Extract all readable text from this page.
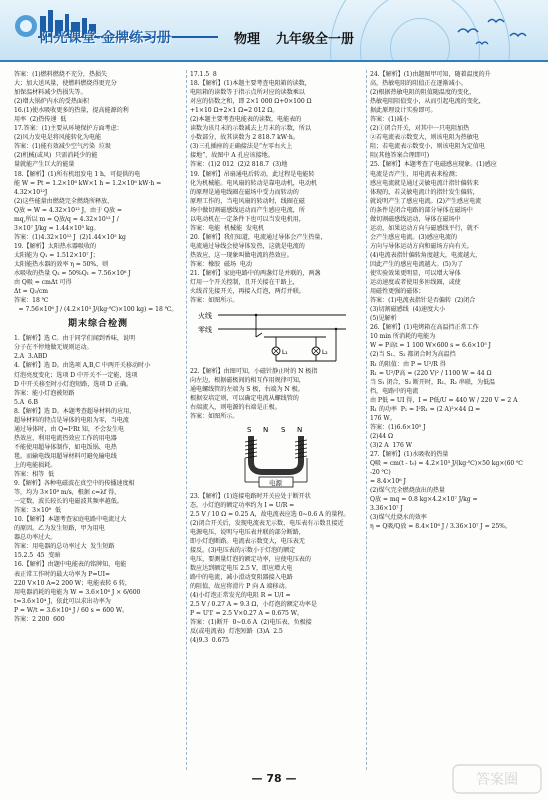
阳光课堂·金牌练习册	物理 九年级全一册
答案：(1)燃料燃烧不充分，热损失
大；加大送风量，使燃料燃烧得更充分
加保温材料减少热损失等。
(2)增大锅炉内水的受热面积
16.(1)使水吸收更多的热量，提高能源的利
用率  (2)热传递  低
17.答案：(1)主要从环境保护方面考虑：
(2)风力发电是将风能转化为电能
答案：(1)能有效减少空气污染  垃圾
(2)机械(或风)  只需消耗少的能
量就能产生巨大的能量
18.【解析】(1)所有机组发电 1 h，可提供的电
能 W = Pt = 1.2×10⁶ kW×1 h = 1.2×10⁶ kW·h =
4.32×10¹²J
(2)这些能量由燃烧完全燃烧所释放，
Q放 = W = 4.32×10¹² J，由于 Q放 =
mq,所以 m = Q放/q = 4.32×10¹² J /
3×10⁷ J/kg ≈ 1.44×10⁵ kg。
答案：(1)4.32×10¹² J  (2)1.44×10⁵ kg
19.【解析】太阳热水器吸收的
太阳能为 Q₁ = 1.512×10⁷ J；
太阳能热水器的效率 η = 50%，则
水吸收的热量 Q₂ = 50%Q₁ = 7.56×10⁶ J
由 Q吸 = cmΔt 可得
Δt = Q₂/cm
答案：18 ℃
= 7.56×10⁶ J / (4.2×10³ J/(kg·℃)×100 kg) = 18 ℃。
期末综合检测
1.【解析】选 C。由于同学们闻到香味，说明
分子在不停地做无规则运动。
2.A  3.ABD
4.【解析】选 D。由选项 A,B,C 中两开关移动时小
灯泡亮度变化；选项 D 中开关不一定能，选项
D 中开关移至时小灯泡短路，选项 D 正确。
答案：能小灯泡被短路
5.A  6.B
8.【解析】选 D。本题考查超导材料的应用，
超导材料的特点是导体的电阻为零，当电流
通过导体时，由 Q=I²Rt 知，不会发生电
热效应，利用电流热效应工作的用电器
不能使用超导体制作，如电饭锅、电热
毯。而输电线用超导材料可避免输电线
上的电能损耗。
答案：相等  低
9.【解析】各种电磁波在真空中的传播速度相
等，均为 3×10⁸ m/s，根据 c=λf 得，
一定数，波长较长的电磁波其频率越低。
答案：3×10⁸  低
10.【解析】本题考查家庭电路中电流过大
的原因。乙为发生短路，甲为用电
器总功率过大。
答案：用电器的总功率过大  发生短路
15.2.5  45  变暗
16.【解析】由题中电能表的铭牌知，电能
表正常工作时的最大功率为 P=UI=
220 V×10 A=2 200 W；电能表转 6 转，
用电器消耗的电能为 W = 3.6×10⁶ J × 6/600
t=3.6×10⁴ J，依此可以求出功率为
P = W/t = 3.6×10⁴ J / 60 s = 600 W。
答案：2 200  600
17.1.5  8
18.【解析】(1)本题主要考查电阻箱的读数，
电阻箱的读数等于指示点所对应的读数乘以
对应的倍数之和，即 2×1 000 Ω+0×100 Ω
+1×10 Ω+2×1 Ω=2 012 Ω。
(2)本题主要考查电能表的读数，电能表的
读数为该月末的示数减去上月末的示数，所以
小数部分，故其读数为 2 818.7 kW·h。
(3)三孔插座的正确接法是“左零右火上
接地”，故图中 A 孔应该接地。
答案：(1)2 012  (2)2 818.7  (3)地
19.【解析】吊扇通电后转动，此过程是电能转
化为机械能。电风扇的转动是靠电动机，电动机
的原理是通电线圈在磁场中受力而转动的
原理工作的，当电风扇的转动时，线圈在磁
场中做切割磁感线运动而产生感应电流，所
以电动机在一定条件下也可以当发电机用，
答案：电能  机械能  发电机
20.【解析】我们知道，电流通过导体会产生热量，
电流通过导线会使导体发热，这就是电流的
热效应，这一现象叫做电流的热效应。
答案：橡胶  磁场  电动
21.【解析】家庭电路中的两盏灯是并联的，两盏
灯用一个开关控制，且开关接在干路上，
火线首先接开关，再接入灯泡，两灯并联。
答案：如图所示。
火线
零线
L₁	L₂
22.【解析】由图可知，小磁针静止时的 N 极指
向左边，根据磁极间的相互作用规律可知，
通电螺线管的左端为 S 极，右端为 N 极。
根据安培定则，可以确定电流从螺线管的
右端流入，则电源的右端是正极。
答案：如图所示。
S N S N
电源
23.【解析】(1)连接电路时开关应处于断开状
态，小灯泡的额定功率约为 I = U/R =
2.5 V / 10 Ω = 0.25 A，故电流表应选 0~0.6 A 的量程。
(2)闭合开关后，发现电流表无示数，电压表有示数且接近
电源电压，说明与电压表并联的部分断路，
即小灯泡断路。电流表示数变大，电压表无
接反。(3)电压表的示数小于灯泡的额定
电压，要测量灯泡的额定功率，应使电压表的
数应达到额定电压 2.5 V，即应增大电
路中的电流，减小滑动变阻器接入电路
的阻值，故应将滑片 P 向 A 端移动。
(4)小灯泡正常发光的电阻 R = U/I =
2.5 V / 0.27 A ≈ 9.3 Ω，小灯泡的额定功率是
P = U'I' = 2.5 V×0.27 A = 0.675 W。
答案：(1)断开  0~0.6 A  (2)电压表、负极接
反(或电流表)  灯泡短路  (3)A  2.5
(4)9.3  0.675
24.【解析】(1)由题图甲可知，随着温度的升
高，热敏电阻的阻值正在逐渐减小。
(2)根据热敏电阻的阻值随温度的变化，
热敏电阻阻值变小，从而引起电流的变化，
据此原理设计实验即可。
答案：(1)减小
(2)①闭合开关，对其中一只电阻加热
②若电流表示数变大，则该电阻为热敏电
阻；若电流表示数变小，则该电阻为定值电
阻(其他答案合理即可)
25.【解析】本题考查了电磁感应现象。(1)感应
电流是否产生，用电流表来检测；
感应电流就是通过灵敏电流计指针偏转来
体现的，若灵敏电流计的指针发生偏转，
就说明产生了感应电流。(2)产生感应电流
的条件是闭合电路的部分导体在磁场中
做切割磁感线运动，导体在磁场中
运动，如果运动方向与磁感线平行，就不
会产生感应电流。(3)感应电流的
方向与导体运动方向和磁场方向有关。
(4)电流表指针偏转角度越大，电流越大，
因此产生的感应电流越大。(5)为了
使实验效果更明显，可以增大导体
运动速度或者使用多匝线圈，或使
用磁性更强的磁体；
答案：(1)电流表指针是否偏转  (2)闭合
(3)切割磁感线  (4)速度大小
(5)见解析
26.【解析】(1)电烤箱在高温挡正常工作
10 min 所消耗的电能为
W = P高t = 1 100 W×600 s = 6.6×10⁵ J
(2)当 S₁、S₂ 都闭合时为高温挡
R₁ 的阻值：由 P = U²/R 得
R₁ = U²/P高 = (220 V)² / 1100 W = 44 Ω
当 S₁ 闭合、S₂ 断开时，R₁、R₂ 串联，为低温
挡，电路中的电流
由 P低 = UI 得，I = P低/U = 440 W / 220 V = 2 A
R₁ 的功率  P₁ = I²R₁ = (2 A)²×44 Ω =
176 W。
答案：(1)6.6×10⁵ J
(2)44 Ω
(3)2 A  176 W
27.【解析】(1)水吸收的热量
Q吸 = cm(t - t₀) = 4.2×10³ J/(kg·℃)×50 kg×(60 ℃
-20 ℃)
= 8.4×10⁶ J
(2)煤气完全燃烧放出的热量
Q放 = mq = 0.8 kg×4.2×10⁷ J/kg =
3.36×10⁷ J
(3)煤气灶烧水的效率
η = Q吸/Q放 = 8.4×10⁶ J / 3.36×10⁷ J = 25%。
— 78 —	答案圈
